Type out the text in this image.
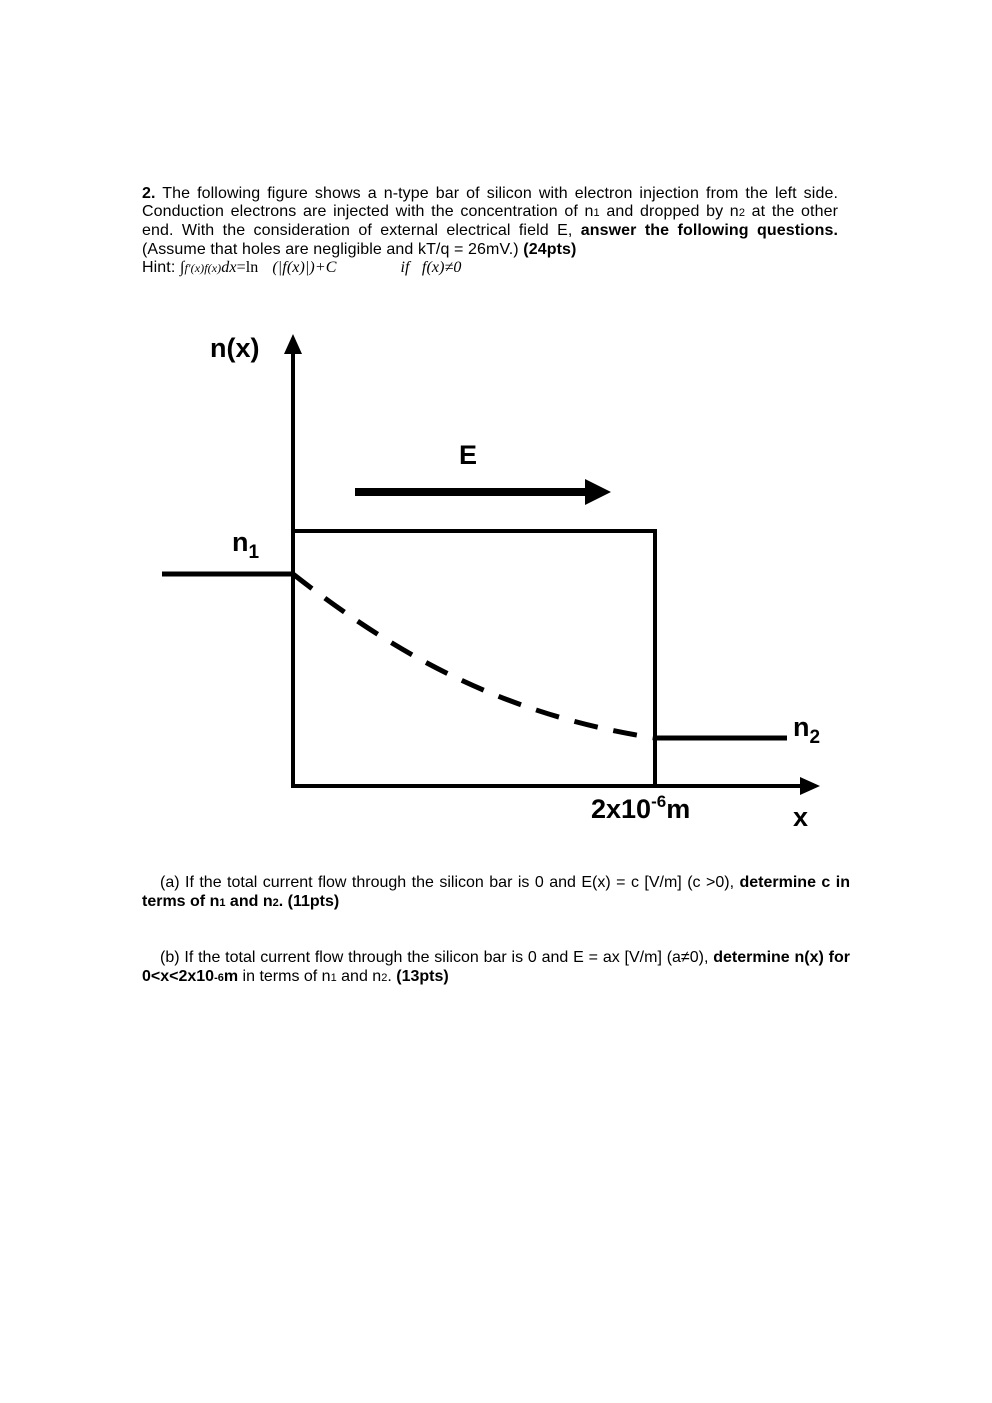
2. The following figure shows a n-type bar of silicon with electron injection from the left side. Conduction electrons are injected with the concentration of n1 and dropped by n2 at the other end. With the consideration of external electrical field E, answer the following questions. (Assume that holes are negligible and kT/q = 26mV.) (24pts)
Hint: ∫f′(x)f(x)dx=ln (|f(x)|)+C	if f(x)≠0
n(x)
E
$n_1$
$n_2$
$2x10^{-6}m$	x
(a) If the total current flow through the silicon bar is 0 and E(x) = c [V/m] (c >0), determine c in terms of n1 and n2. (11pts)
(b) If the total current flow through the silicon bar is 0 and E = ax [V/m] (a≠0), determine n(x) for 0<x<2x10-6m in terms of n1 and n2. (13pts)
